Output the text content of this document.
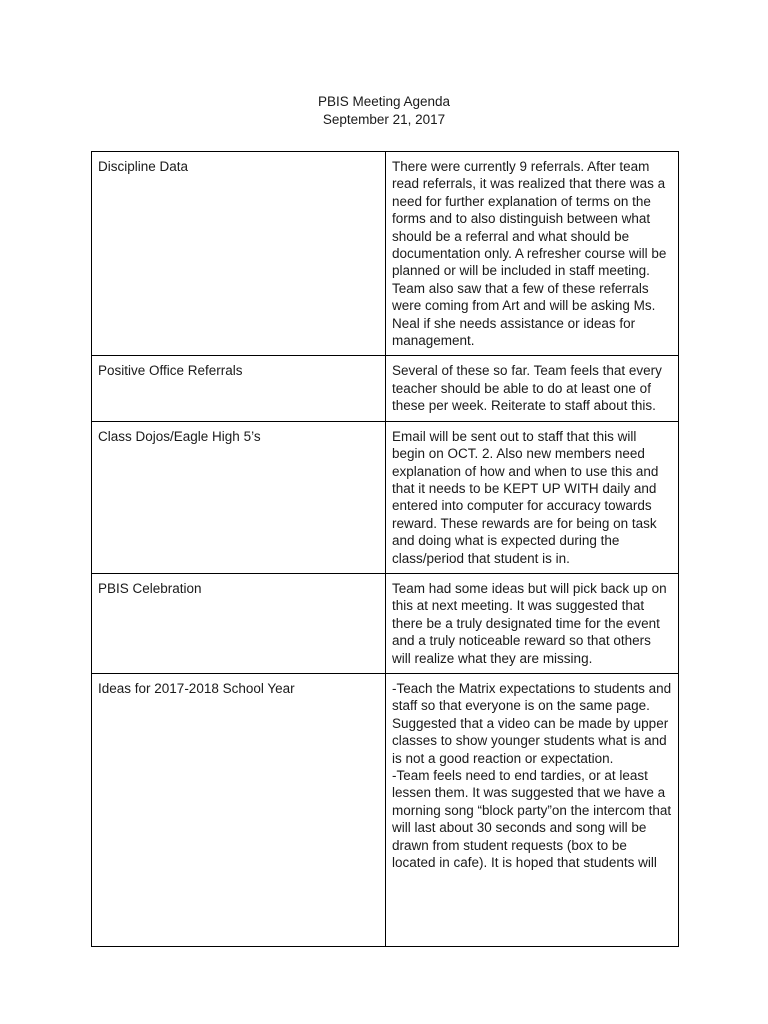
PBIS Meeting Agenda
September 21, 2017
Discipline Data	There were currently 9 referrals. After team read referrals, it was realized that there was a need for further explanation of terms on the forms and to also distinguish between what should be a referral and what should be documentation only. A refresher course will be planned or will be included in staff meeting. Team also saw that a few of these referrals were coming from Art and will be asking Ms. Neal if she needs assistance or ideas for management.
Positive Office Referrals	Several of these so far. Team feels that every teacher should be able to do at least one of these per week. Reiterate to staff about this.
Class Dojos/Eagle High 5’s	Email will be sent out to staff that this will begin on OCT. 2. Also new members need explanation of how and when to use this and that it needs to be KEPT UP WITH daily and entered into computer for accuracy towards reward. These rewards are for being on task and doing what is expected during the class/period that student is in.
PBIS Celebration	Team had some ideas but will pick back up on this at next meeting. It was suggested that there be a truly designated time for the event and a truly noticeable reward so that others will realize what they are missing.
Ideas for 2017-2018 School Year	-Teach the Matrix expectations to students and staff so that everyone is on the same page. Suggested that a video can be made by upper classes to show younger students what is and is not a good reaction or expectation.
-Team feels need to end tardies, or at least lessen them. It was suggested that we have a morning song “block party”on the intercom that will last about 30 seconds and song will be drawn from student requests (box to be located in cafe). It is hoped that students will
